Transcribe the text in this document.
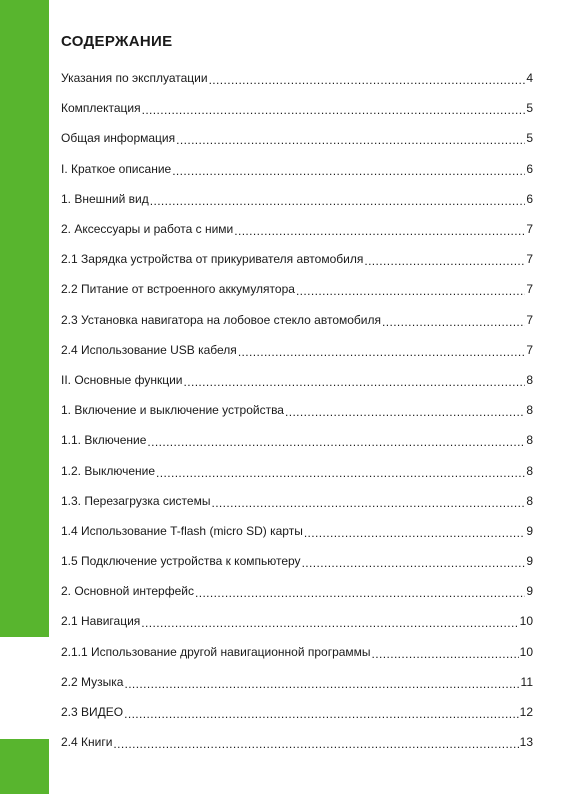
СОДЕРЖАНИЕ
Указания по эксплуатации .....	4
Комплектация .....	5
Общая информация .....	5
I. Краткое описание .....	6
1. Внешний вид .....	6
2. Аксессуары и работа с ними .....	7
2.1 Зарядка устройства от прикуривателя автомобиля .....	7
2.2 Питание от встроенного аккумулятора .....	7
2.3 Установка навигатора на лобовое стекло автомобиля .....	7
2.4 Использование USB кабеля .....	7
II. Основные функции .....	8
1. Включение и выключение устройства .....	8
1.1. Включение .....	8
1.2. Выключение .....	8
1.3. Перезагрузка системы .....	8
1.4 Использование T-flash (micro SD) карты .....	9
1.5 Подключение устройства к компьютеру .....	9
2. Основной интерфейс .....	9
2.1 Навигация .....	10
2.1.1 Использование другой навигационной программы .....	10
2.2 Музыка .....	11
2.3 ВИДЕО .....	12
2.4 Книги .....	13
